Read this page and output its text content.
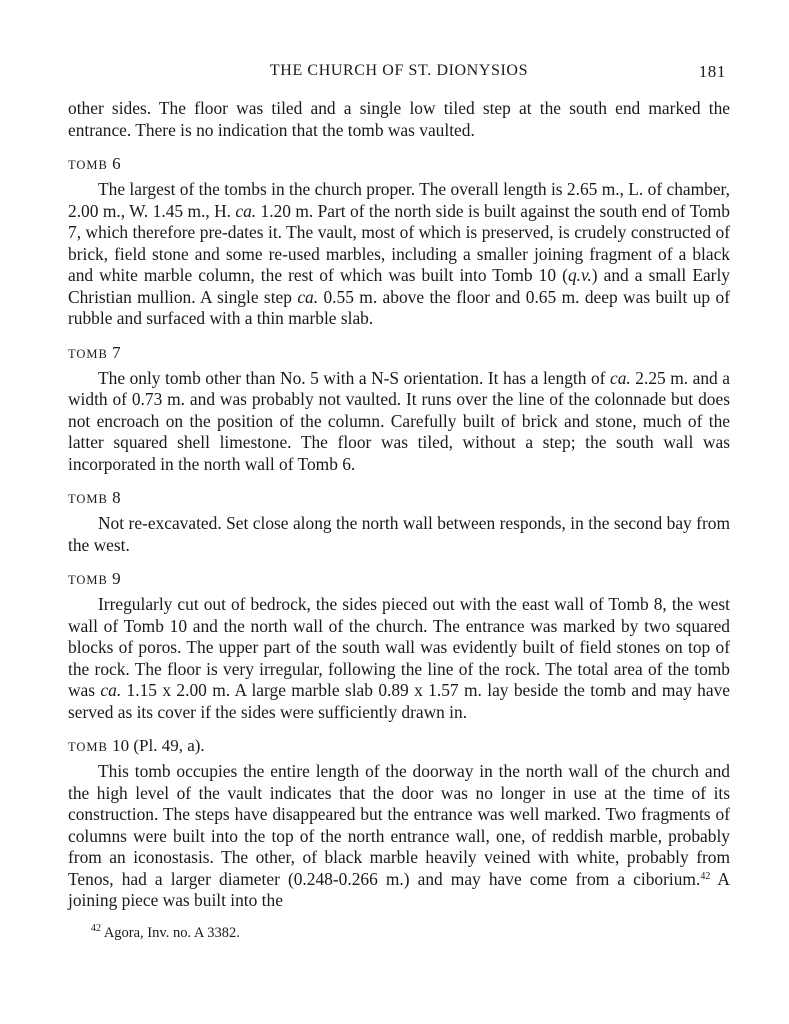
THE CHURCH OF ST. DIONYSIOS	181

other sides. The floor was tiled and a single low tiled step at the south end marked the entrance. There is no indication that the tomb was vaulted.

TOMB 6

The largest of the tombs in the church proper. The overall length is 2.65 m., L. of chamber, 2.00 m., W. 1.45 m., H. ca. 1.20 m. Part of the north side is built against the south end of Tomb 7, which therefore pre-dates it. The vault, most of which is preserved, is crudely constructed of brick, field stone and some re-used marbles, including a smaller joining fragment of a black and white marble column, the rest of which was built into Tomb 10 (q.v.) and a small Early Christian mullion. A single step ca. 0.55 m. above the floor and 0.65 m. deep was built up of rubble and surfaced with a thin marble slab.

TOMB 7

The only tomb other than No. 5 with a N-S orientation. It has a length of ca. 2.25 m. and a width of 0.73 m. and was probably not vaulted. It runs over the line of the colonnade but does not encroach on the position of the column. Carefully built of brick and stone, much of the latter squared shell limestone. The floor was tiled, without a step; the south wall was incorporated in the north wall of Tomb 6.

TOMB 8

Not re-excavated. Set close along the north wall between responds, in the second bay from the west.

TOMB 9

Irregularly cut out of bedrock, the sides pieced out with the east wall of Tomb 8, the west wall of Tomb 10 and the north wall of the church. The entrance was marked by two squared blocks of poros. The upper part of the south wall was evidently built of field stones on top of the rock. The floor is very irregular, following the line of the rock. The total area of the tomb was ca. 1.15 x 2.00 m. A large marble slab 0.89 x 1.57 m. lay beside the tomb and may have served as its cover if the sides were sufficiently drawn in.

TOMB 10 (Pl. 49, a).

This tomb occupies the entire length of the doorway in the north wall of the church and the high level of the vault indicates that the door was no longer in use at the time of its construction. The steps have disappeared but the entrance was well marked. Two fragments of columns were built into the top of the north entrance wall, one, of reddish marble, probably from an iconostasis. The other, of black marble heavily veined with white, probably from Tenos, had a larger diameter (0.248-0.266 m.) and may have come from a ciborium.$^{42}$ A joining piece was built into the

$^{42}$ Agora, Inv. no. A 3382.
